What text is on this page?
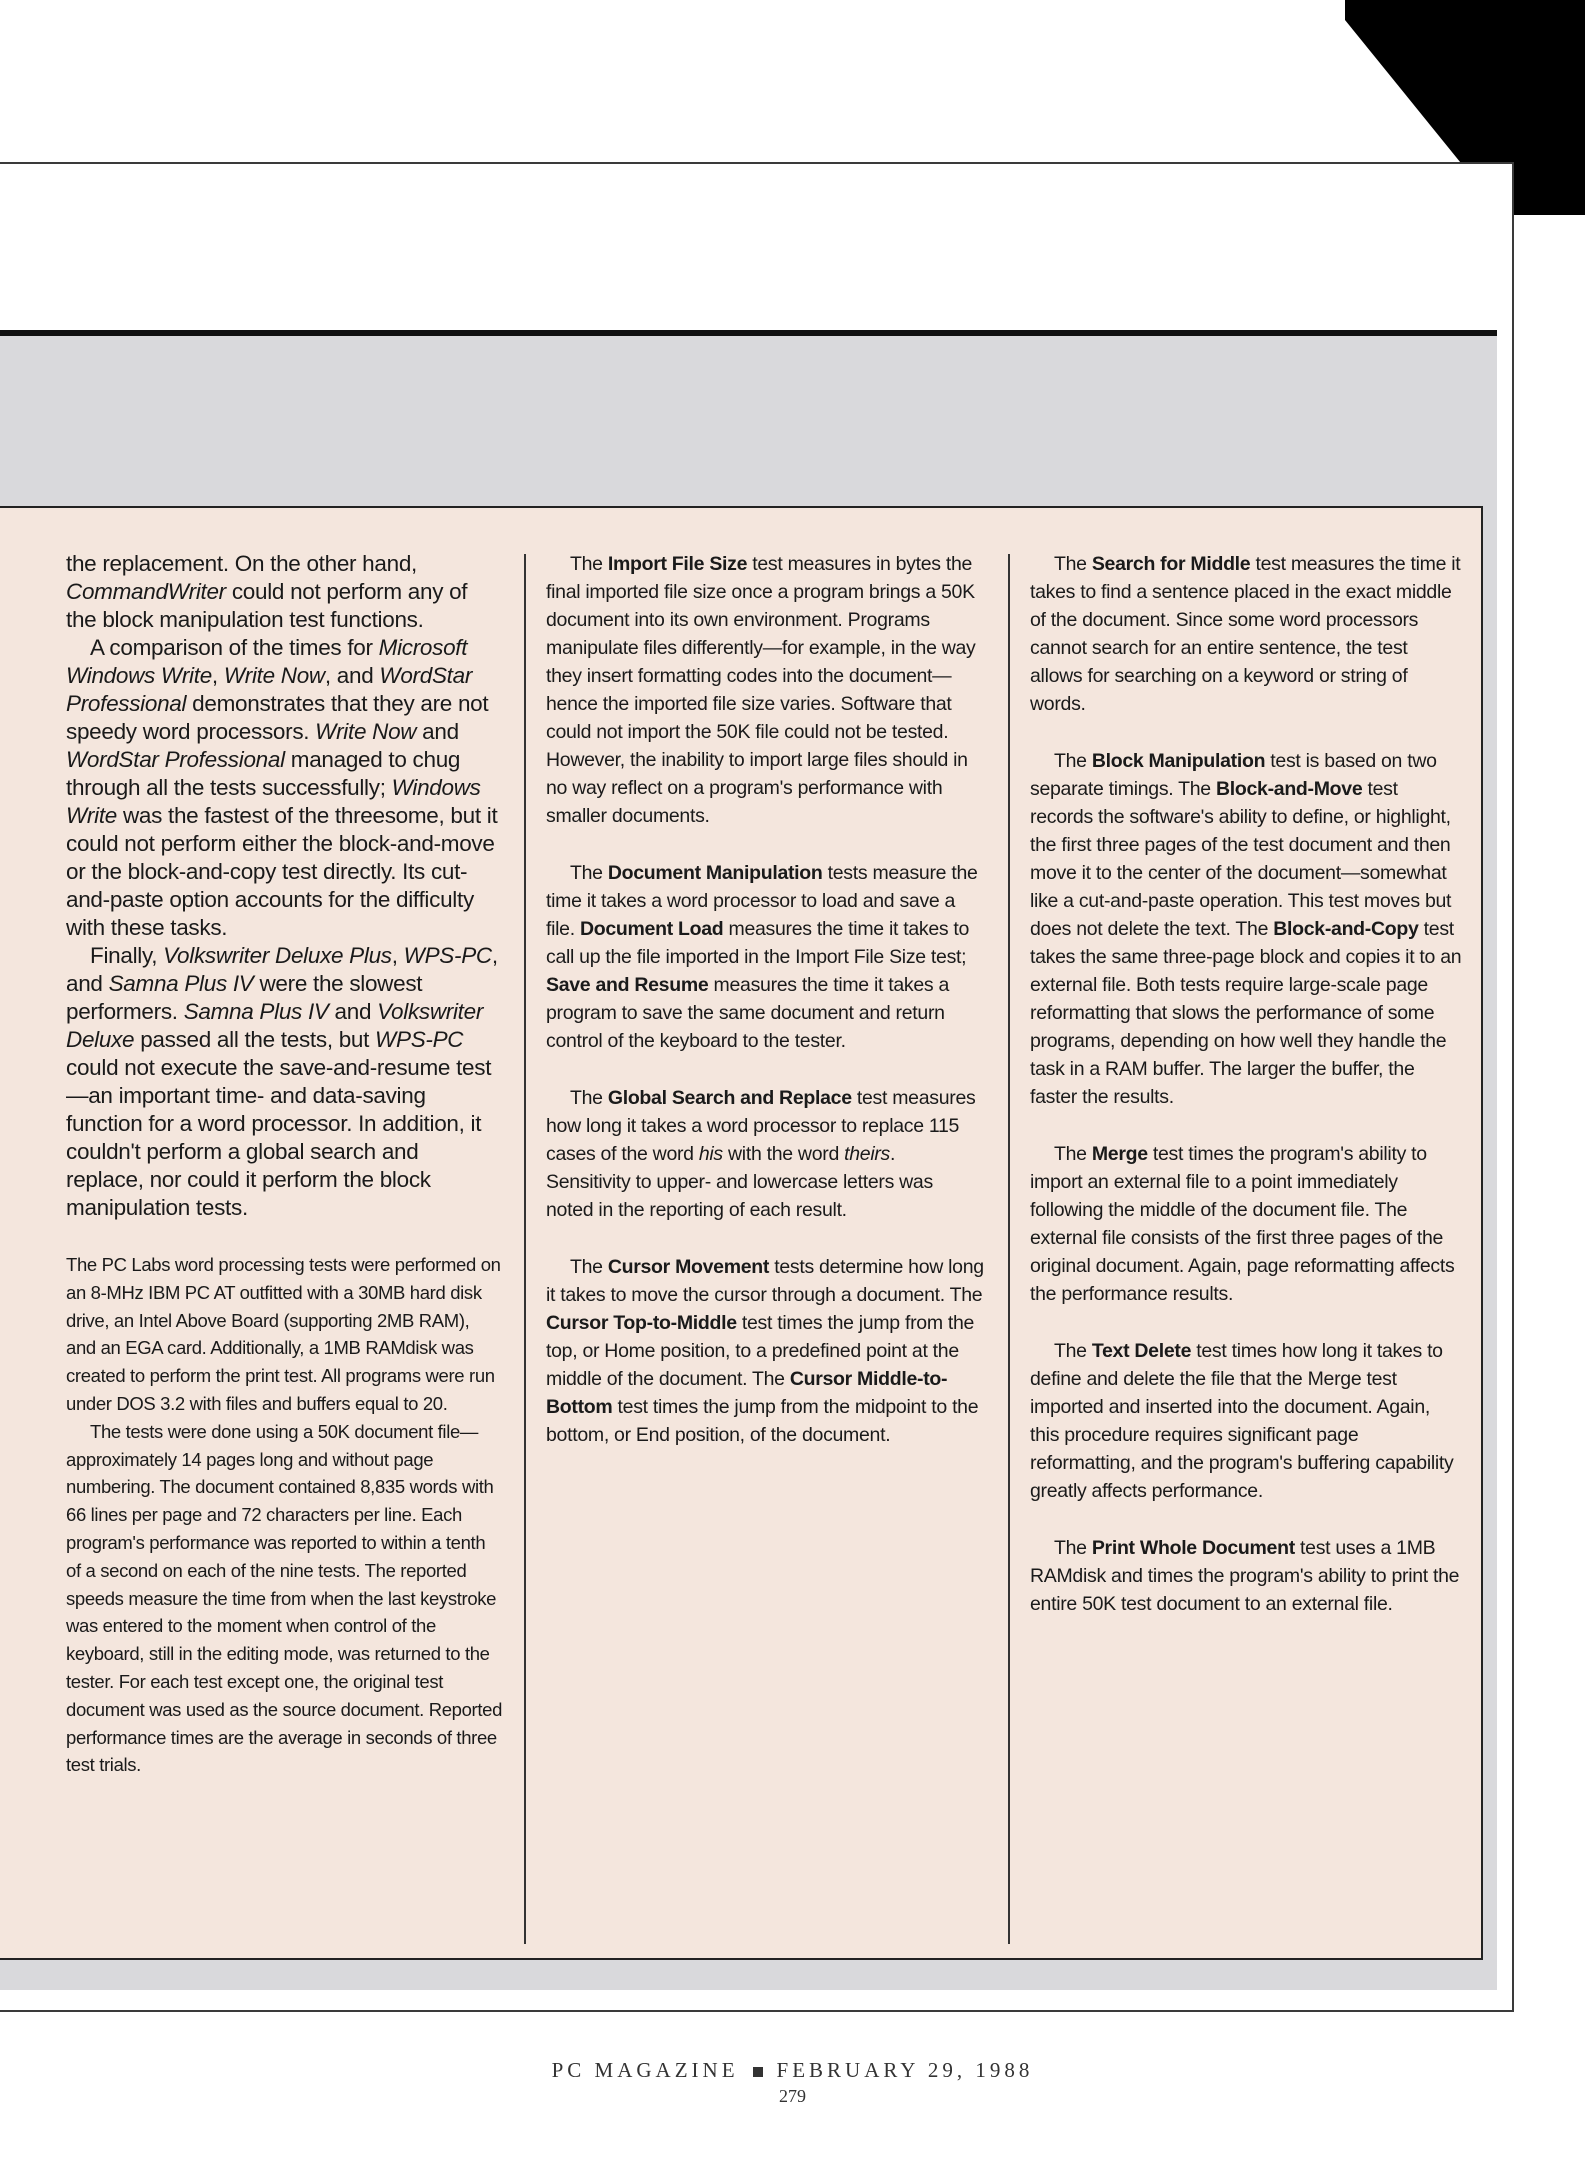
the replacement. On the other hand, CommandWriter could not perform any of the block manipulation test functions.

A comparison of the times for Microsoft Windows Write, Write Now, and WordStar Professional demonstrates that they are not speedy word processors. Write Now and WordStar Professional managed to chug through all the tests successfully; Windows Write was the fastest of the threesome, but it could not perform either the block-and-move or the block-and-copy test directly. Its cut-and-paste option accounts for the difficulty with these tasks.

Finally, Volkswriter Deluxe Plus, WPS-PC, and Samna Plus IV were the slowest performers. Samna Plus IV and Volkswriter Deluxe passed all the tests, but WPS-PC could not execute the save-and-resume test—an important time- and data-saving function for a word processor. In addition, it couldn't perform a global search and replace, nor could it perform the block manipulation tests.

The PC Labs word processing tests were performed on an 8-MHz IBM PC AT outfitted with a 30MB hard disk drive, an Intel Above Board (supporting 2MB RAM), and an EGA card. Additionally, a 1MB RAMdisk was created to perform the print test. All programs were run under DOS 3.2 with files and buffers equal to 20.

The tests were done using a 50K document file—approximately 14 pages long and without page numbering. The document contained 8,835 words with 66 lines per page and 72 characters per line. Each program's performance was reported to within a tenth of a second on each of the nine tests. The reported speeds measure the time from when the last keystroke was entered to the moment when control of the keyboard, still in the editing mode, was returned to the tester. For each test except one, the original test document was used as the source document. Reported performance times are the average in seconds of three test trials.

The Import File Size test measures in bytes the final imported file size once a program brings a 50K document into its own environment. Programs manipulate files differently—for example, in the way they insert formatting codes into the document—hence the imported file size varies. Software that could not import the 50K file could not be tested. However, the inability to import large files should in no way reflect on a program's performance with smaller documents.

The Document Manipulation tests measure the time it takes a word processor to load and save a file. Document Load measures the time it takes to call up the file imported in the Import File Size test; Save and Resume measures the time it takes a program to save the same document and return control of the keyboard to the tester.

The Global Search and Replace test measures how long it takes a word processor to replace 115 cases of the word his with the word theirs. Sensitivity to upper- and lowercase letters was noted in the reporting of each result.

The Cursor Movement tests determine how long it takes to move the cursor through a document. The Cursor Top-to-Middle test times the jump from the top, or Home position, to a predefined point at the middle of the document. The Cursor Middle-to-Bottom test times the jump from the midpoint to the bottom, or End position, of the document.

The Search for Middle test measures the time it takes to find a sentence placed in the exact middle of the document. Since some word processors cannot search for an entire sentence, the test allows for searching on a keyword or string of words.

The Block Manipulation test is based on two separate timings. The Block-and-Move test records the software's ability to define, or highlight, the first three pages of the test document and then move it to the center of the document—somewhat like a cut-and-paste operation. This test moves but does not delete the text. The Block-and-Copy test takes the same three-page block and copies it to an external file. Both tests require large-scale page reformatting that slows the performance of some programs, depending on how well they handle the task in a RAM buffer. The larger the buffer, the faster the results.

The Merge test times the program's ability to import an external file to a point immediately following the middle of the document file. The external file consists of the first three pages of the original document. Again, page reformatting affects the performance results.

The Text Delete test times how long it takes to define and delete the file that the Merge test imported and inserted into the document. Again, this procedure requires significant page reformatting, and the program's buffering capability greatly affects performance.

The Print Whole Document test uses a 1MB RAMdisk and times the program's ability to print the entire 50K test document to an external file.

PC MAGAZINE FEBRUARY 29, 1988
279
